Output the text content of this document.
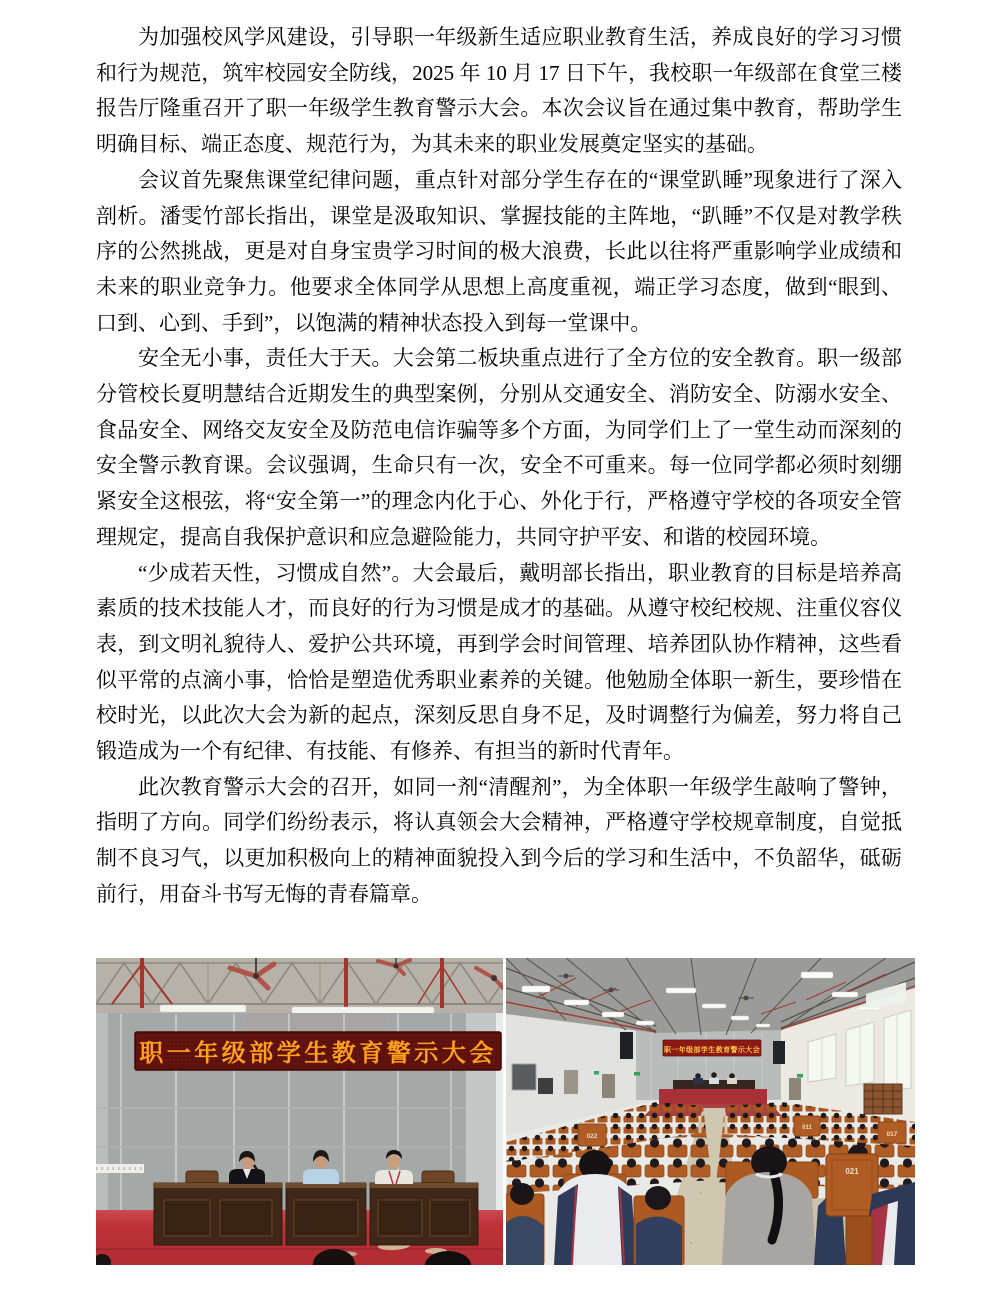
为加强校风学风建设，引导职一年级新生适应职业教育生活，养成良好的学习习惯和行为规范，筑牢校园安全防线，2025 年 10 月 17 日下午，我校职一年级部在食堂三楼报告厅隆重召开了职一年级学生教育警示大会。本次会议旨在通过集中教育，帮助学生明确目标、端正态度、规范行为，为其未来的职业发展奠定坚实的基础。

会议首先聚焦课堂纪律问题，重点针对部分学生存在的“课堂趴睡”现象进行了深入剖析。潘雯竹部长指出，课堂是汲取知识、掌握技能的主阵地，“趴睡”不仅是对教学秩序的公然挑战，更是对自身宝贵学习时间的极大浪费，长此以往将严重影响学业成绩和未来的职业竞争力。他要求全体同学从思想上高度重视，端正学习态度，做到“眼到、口到、心到、手到”，以饱满的精神状态投入到每一堂课中。

安全无小事，责任大于天。大会第二板块重点进行了全方位的安全教育。职一级部分管校长夏明慧结合近期发生的典型案例，分别从交通安全、消防安全、防溺水安全、食品安全、网络交友安全及防范电信诈骗等多个方面，为同学们上了一堂生动而深刻的安全警示教育课。会议强调，生命只有一次，安全不可重来。每一位同学都必须时刻绷紧安全这根弦，将“安全第一”的理念内化于心、外化于行，严格遵守学校的各项安全管理规定，提高自我保护意识和应急避险能力，共同守护平安、和谐的校园环境。

“少成若天性，习惯成自然”。大会最后，戴明部长指出，职业教育的目标是培养高素质的技术技能人才，而良好的行为习惯是成才的基础。从遵守校纪校规、注重仪容仪表，到文明礼貌待人、爱护公共环境，再到学会时间管理、培养团队协作精神，这些看似平常的点滴小事，恰恰是塑造优秀职业素养的关键。他勉励全体职一新生，要珍惜在校时光，以此次大会为新的起点，深刻反思自身不足，及时调整行为偏差，努力将自己锻造成为一个有纪律、有技能、有修养、有担当的新时代青年。

此次教育警示大会的召开，如同一剂“清醒剂”，为全体职一年级学生敲响了警钟，指明了方向。同学们纷纷表示，将认真领会大会精神，严格遵守学校规章制度，自觉抵制不良习气，以更加积极向上的精神面貌投入到今后的学习和生活中，不负韶华，砥砺前行，用奋斗书写无悔的青春篇章。

职一年级部学生教育警示大会	职一年级部学生教育警示大会
022
011
017
021
